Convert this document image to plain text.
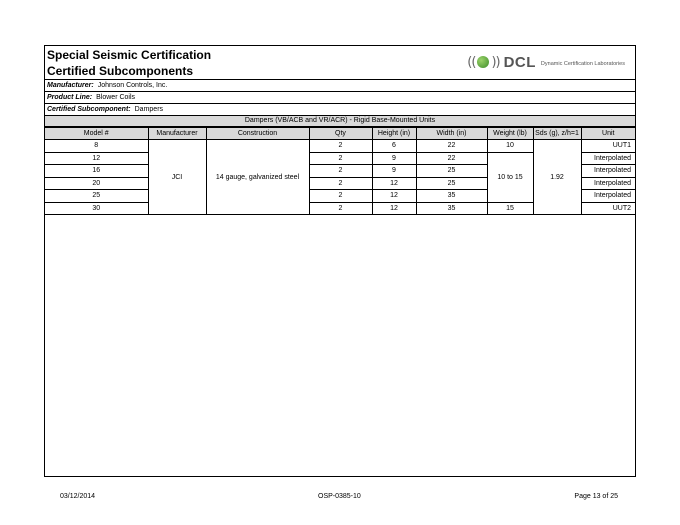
Special Seismic Certification
Certified Subcomponents
(( )) DCL Dynamic Certification Laboratories
Manufacturer: Johnson Controls, Inc.
Product Line: Blower Coils
Certified Subcomponent: Dampers
Dampers (VB/ACB and VR/ACR) - Rigid Base-Mounted Units
Model #	Manufacturer	Construction	Qty	Height (in)	Width (in)	Weight (lb)	Sds (g), z/h=1	Unit
8	JCI	14 gauge, galvanized steel	2	6	22	10	1.92	UUT1
12			2	9	22	10 to 15		Interpolated
16			2	9	25			Interpolated
20			2	12	25			Interpolated
25			2	12	35			Interpolated
30			2	12	35	15		UUT2
03/12/2014	OSP-0385-10	Page 13 of 25
